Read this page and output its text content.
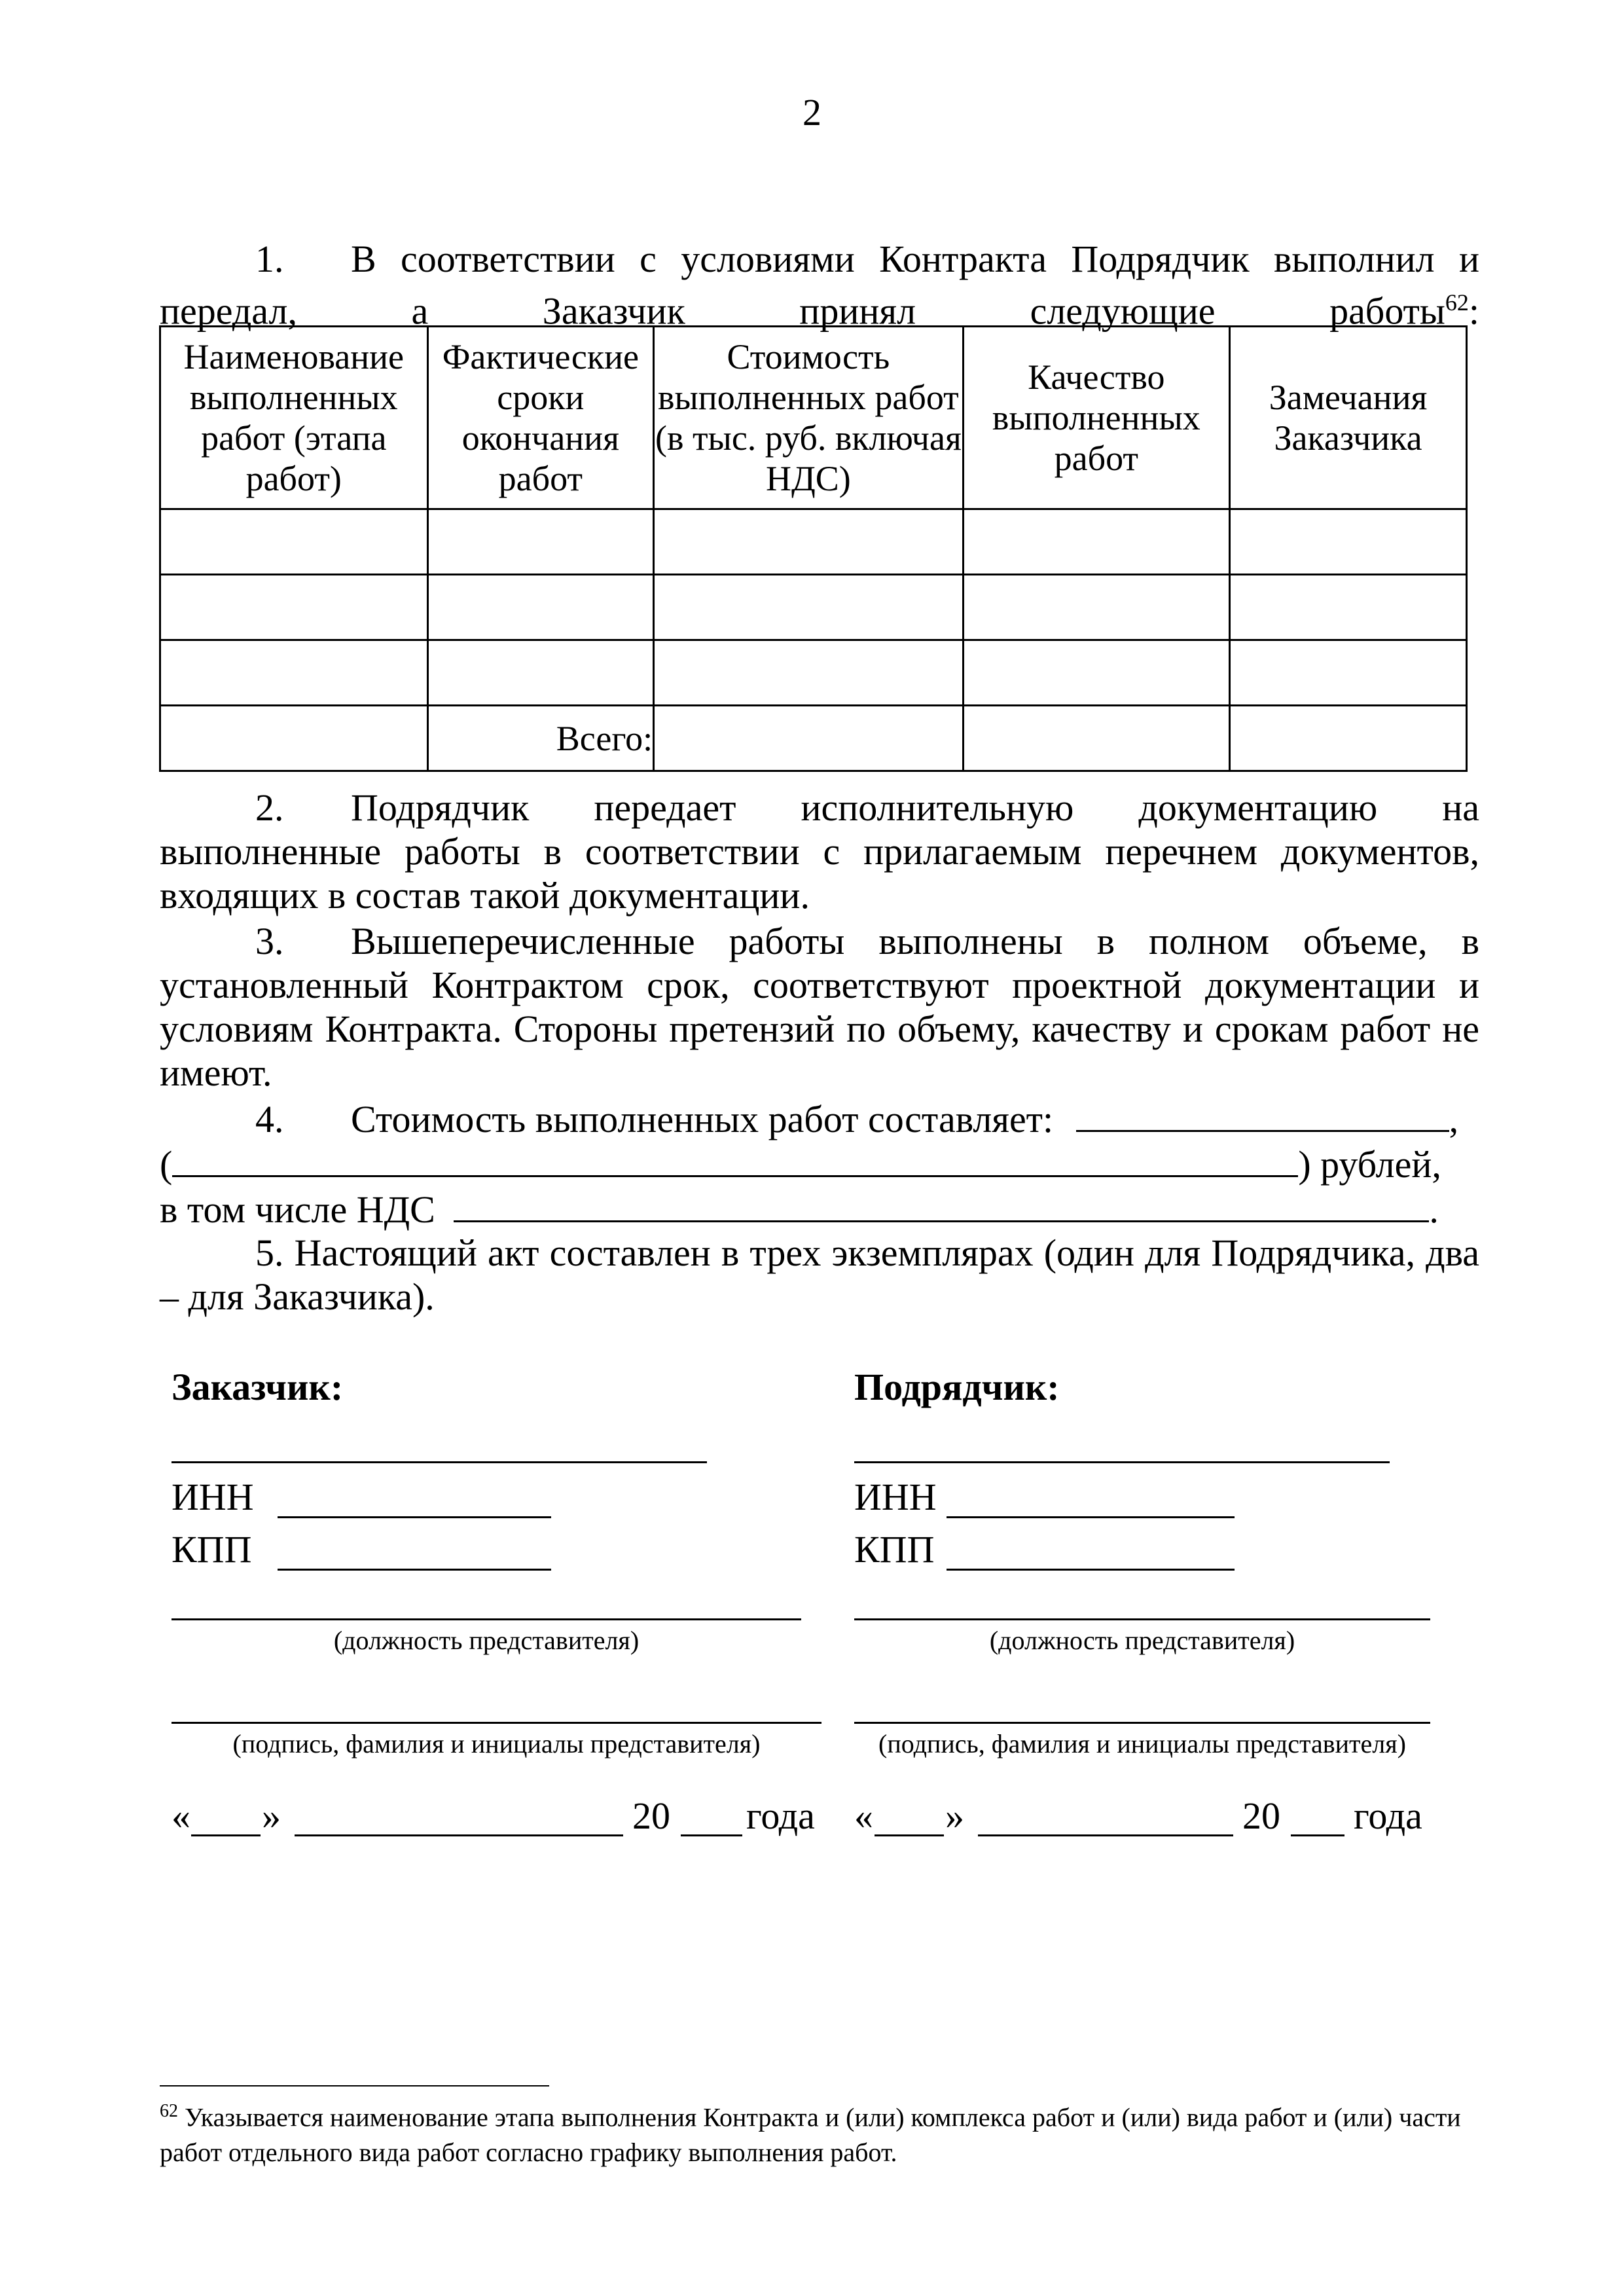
2
1. В соответствии с условиями Контракта Подрядчик выполнил и передал, а Заказчик принял следующие работы$^{62}$:
Наименование выполненных работ (этапа работ)	Фактические сроки окончания работ	Стоимость выполненных работ (в тыс. руб. включая НДС)	Качество выполненных работ	Замечания Заказчика

	Всего:			
2. Подрядчик передает исполнительную документацию на выполненные работы в соответствии с прилагаемым перечнем документов, входящих в состав такой документации.
3. Вышеперечисленные работы выполнены в полном объеме, в установленный Контрактом срок, соответствуют проектной документации и условиям Контракта. Стороны претензий по объему, качеству и срокам работ не имеют.
4. Стоимость выполненных работ составляет:	,
(	) рублей,
в том числе НДС	.
5. Настоящий акт составлен в трех экземплярах (один для Подрядчика, два – для Заказчика).
Заказчик:	Подрядчик:
ИНН	ИНН
КПП	КПП
(должность представителя)	(должность представителя)
(подпись, фамилия и инициалы представителя)	(подпись, фамилия и инициалы представителя)
« »	20 года « »	20 года
$^{62}$ Указывается наименование этапа выполнения Контракта и (или) комплекса работ и (или) вида работ и (или) части работ отдельного вида работ согласно графику выполнения работ.
